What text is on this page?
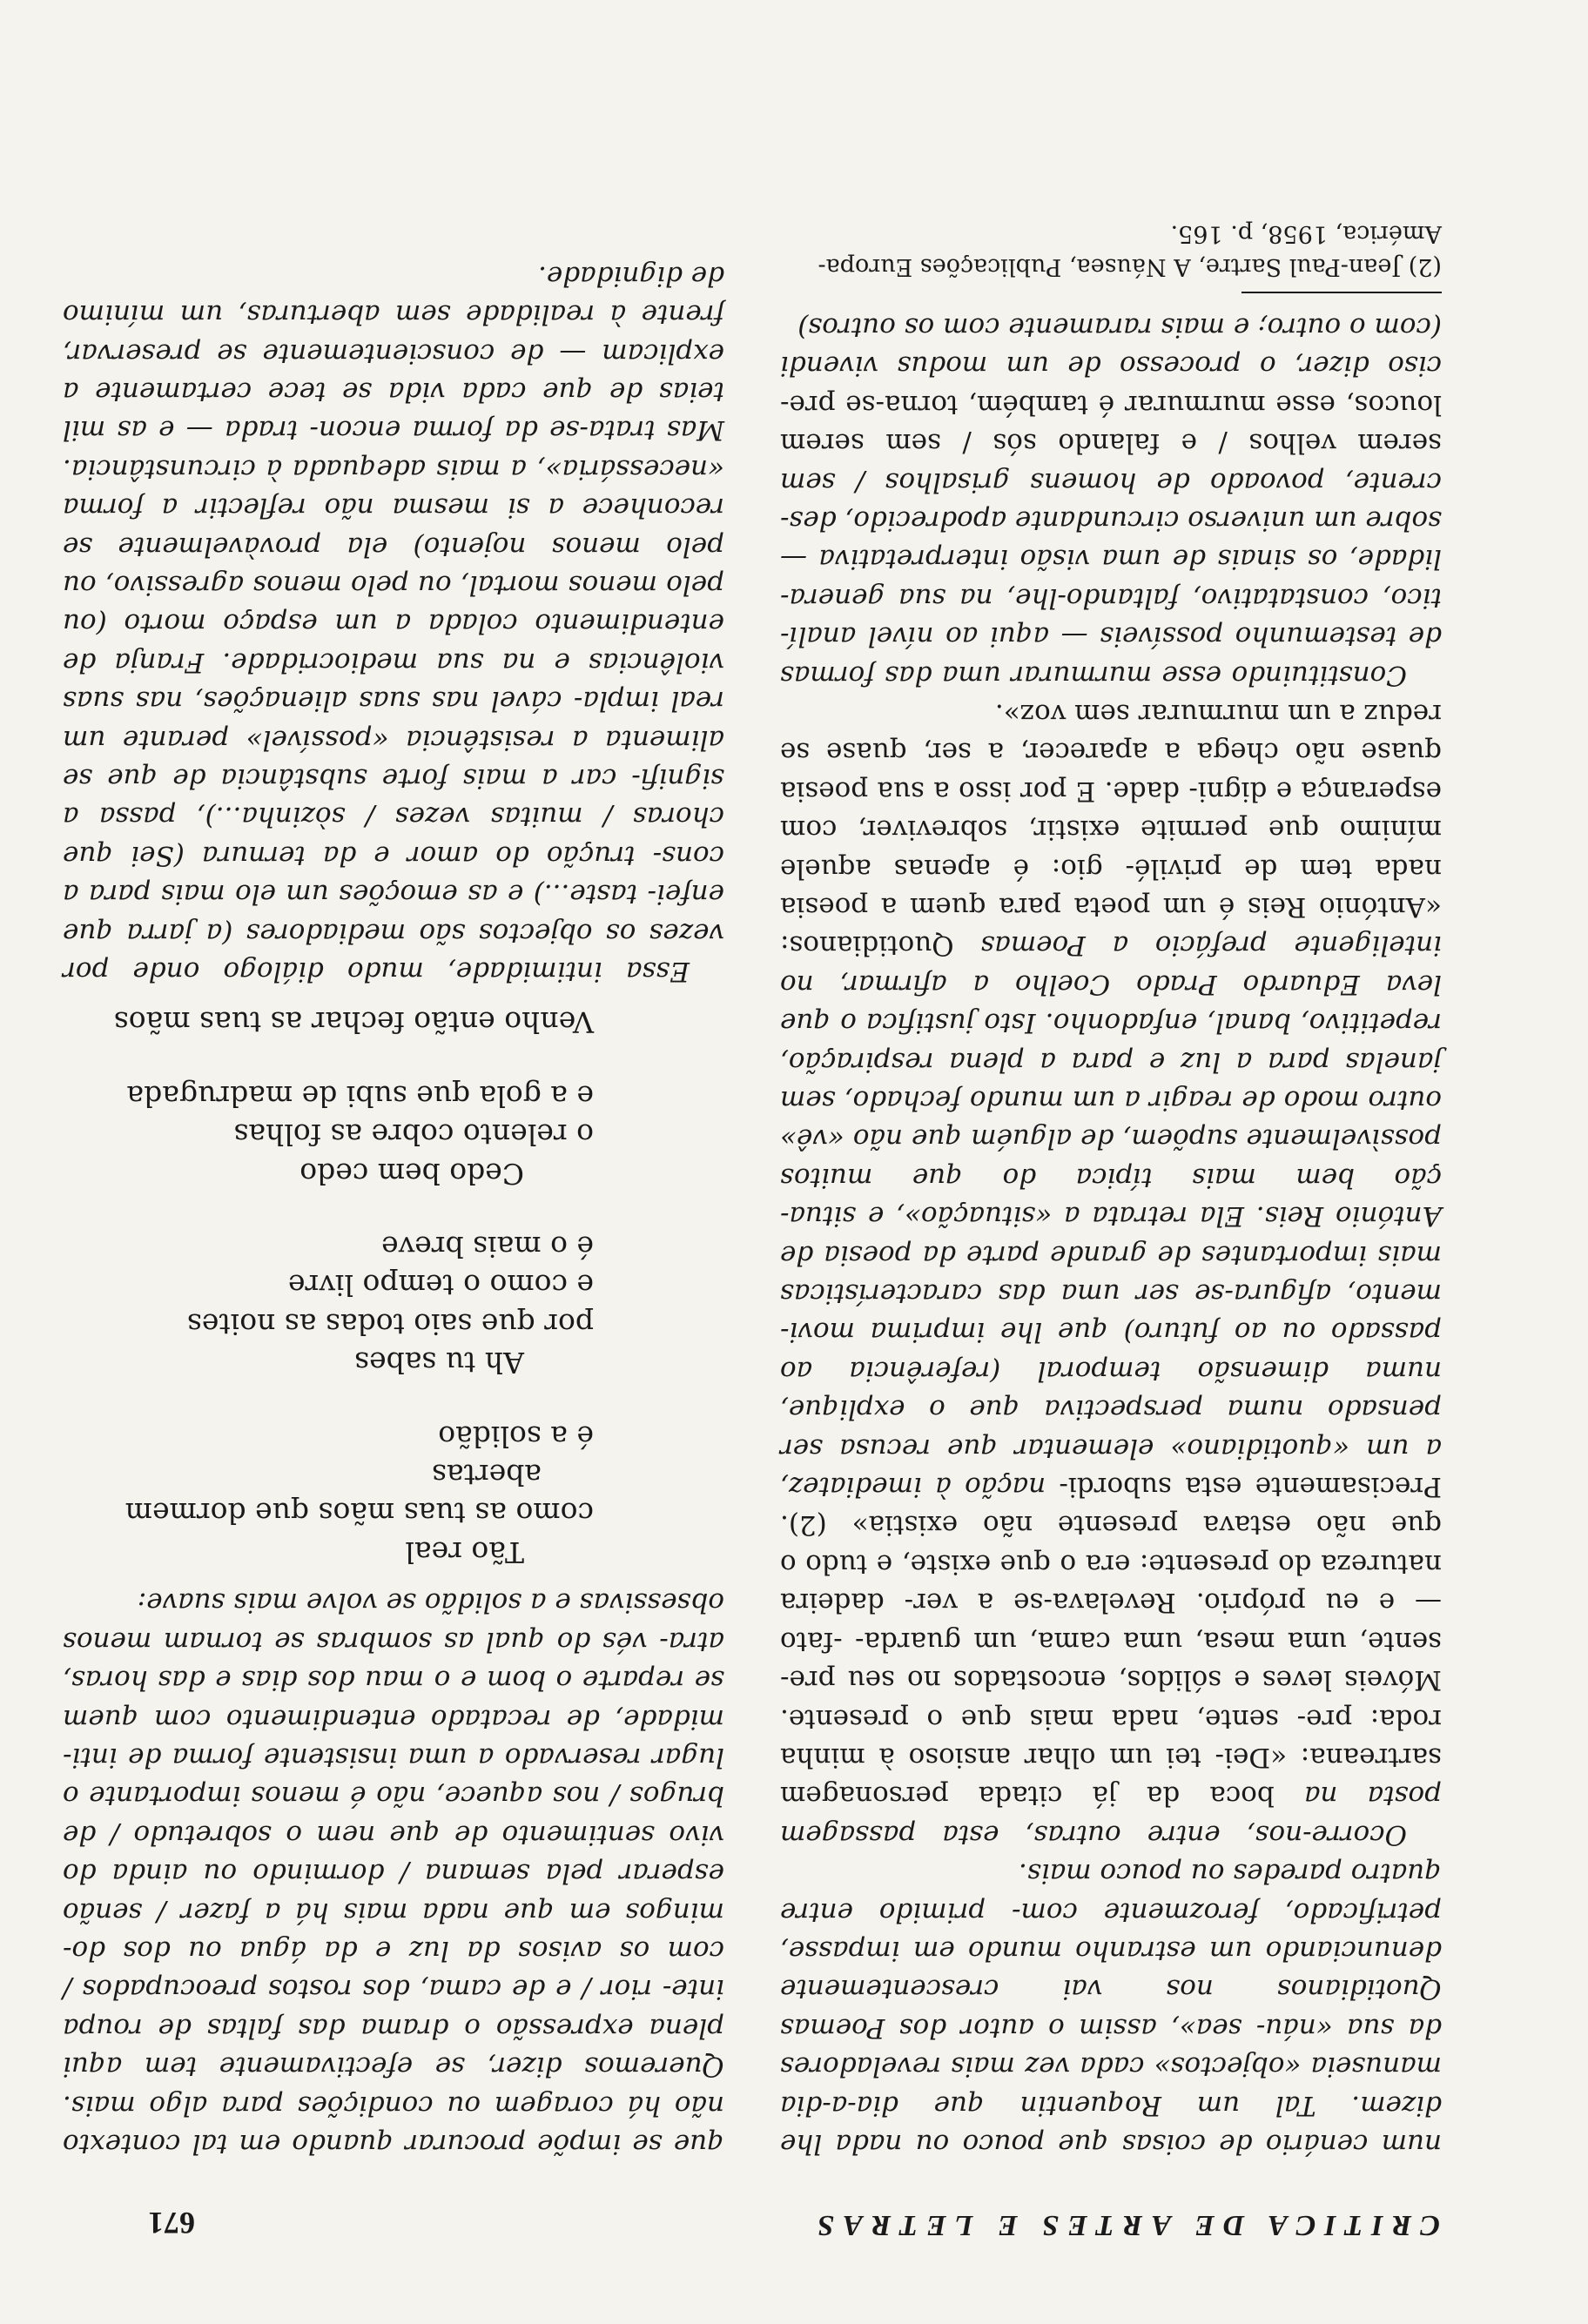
CRITICA DE ARTES E LETRAS
671

num cenário de coisas que pouco ou nada lhe dizem. Tal um Roquentin que dia-a-dia manuseia «objectos» cada vez mais reveladores da sua «náu- sea», assim o autor dos Poemas Quotidianos nos vai crescentemente denunciando um estranho mundo em impasse, petrificado, ferozmente com- primido entre quatro paredes ou pouco mais.

Ocorre-nos, entre outras, esta passagem posta na boca da já citada personagem sartreana: «Dei- tei um olhar ansioso à minha roda: pre- sente, nada mais que o presente. Móveis leves e sólidos, encostados no seu pre- sente, uma mesa, uma cama, um guarda- -fato — e eu próprio. Revelava-se a ver- dadeira natureza do presente: era o que existe, e tudo o que não estava presente não existia» (2). Precisamente esta subordi- nação à imediatez, a um «quotidiano» elementar que recusa ser pensado numa perspectiva que o explique, numa dimensão temporal (referência ao passado ou ao futuro) que lhe imprima movi- mento, afigura-se ser uma das características mais importantes de grande parte da poesia de António Reis. Ela retrata a «situação», e situa- ção bem mais típica do que muitos possìvelmente supõem, de alguém que não «vê» outro modo de reagir a um mundo fechado, sem janelas para a luz e para a plena respiração, repetitivo, banal, enfadonho. Isto justifica o que leva Eduardo Prado Coelho a afirmar, no inteligente prefácio a Poemas Quotidianos: «António Reis é um poeta para quem a poesia nada tem de privilé- gio: é apenas aquele mínimo que permite existir, sobreviver, com esperança e digni- dade. E por isso a sua poesia quase não chega a aparecer, a ser, quase se reduz a um murmurar sem voz».

Constituindo esse murmurar uma das formas de testemunho possíveis — aqui ao nível analí- tico, constatativo, faltando-lhe, na sua genera- lidade, os sinais de uma visão interpretativa — sobre um universo circundante apodrecido, des- crente, povoado de homens grisalhos / sem serem velhos / e falando sós / sem serem loucos, esse murmurar é também, torna-se pre- ciso dizer, o processo de um modus vivendi (com o outro; e mais raramente com os outros)

(2) Jean-Paul Sartre, A Náusea, Publicações Europa-América, 1958, p. 165.

que se impõe procurar quando em tal contexto não há coragem ou condições para algo mais. Queremos dizer, se efectivamente tem aqui plena expressão o drama das faltas de roupa inte- rior / e de cama, dos rostos preocupados / com os avisos da luz e da água ou dos do- mingos em que nada mais há a fazer / senão esperar pela semana / dormindo ou ainda do vivo sentimento de que nem o sobretudo / de brugos / nos aquece, não é menos importante o lugar reservado a uma insistente forma de inti- midade, de recatado entendimento com quem se reparte o bom e o mau dos dias e das horas, atra- vés do qual as sombras se tornam menos obsessivas e a solidão se volve mais suave:

Tão real
como as tuas mãos que dormem
abertas
é a solidão
Ah tu sabes
por que saio todas as noites
e como o tempo livre
é o mais breve
Cedo bem cedo
o relento cobre as folhas
e a gola que subi de madrugada
Venho então fechar as tuas mãos

Essa intimidade, mudo diálogo onde por vezes os objectos são mediadores (a jarra que enfei- taste...) e as emoções um elo mais para a cons- trução do amor e da ternura (Sei que choras / muitas vezes / sòzinha...), passa a signifi- car a mais forte substância de que se alimenta a resistência «possível» perante um real impla- cável nas suas alienações, nas suas violências e na sua mediocridade. Franja de entendimento colada a um espaço morto (ou pelo menos mortal, ou pelo menos agressivo, ou pelo menos nojento) ela provàvelmente se reconhece a si mesma não reflectir a forma «necessária», a mais adequada à circunstância. Mas trata-se da forma encon- trada — e as mil teias de que cada vida se tece certamente a explicam — de conscientemente se preservar, frente à realidade sem aberturas, um mínimo de dignidade.
